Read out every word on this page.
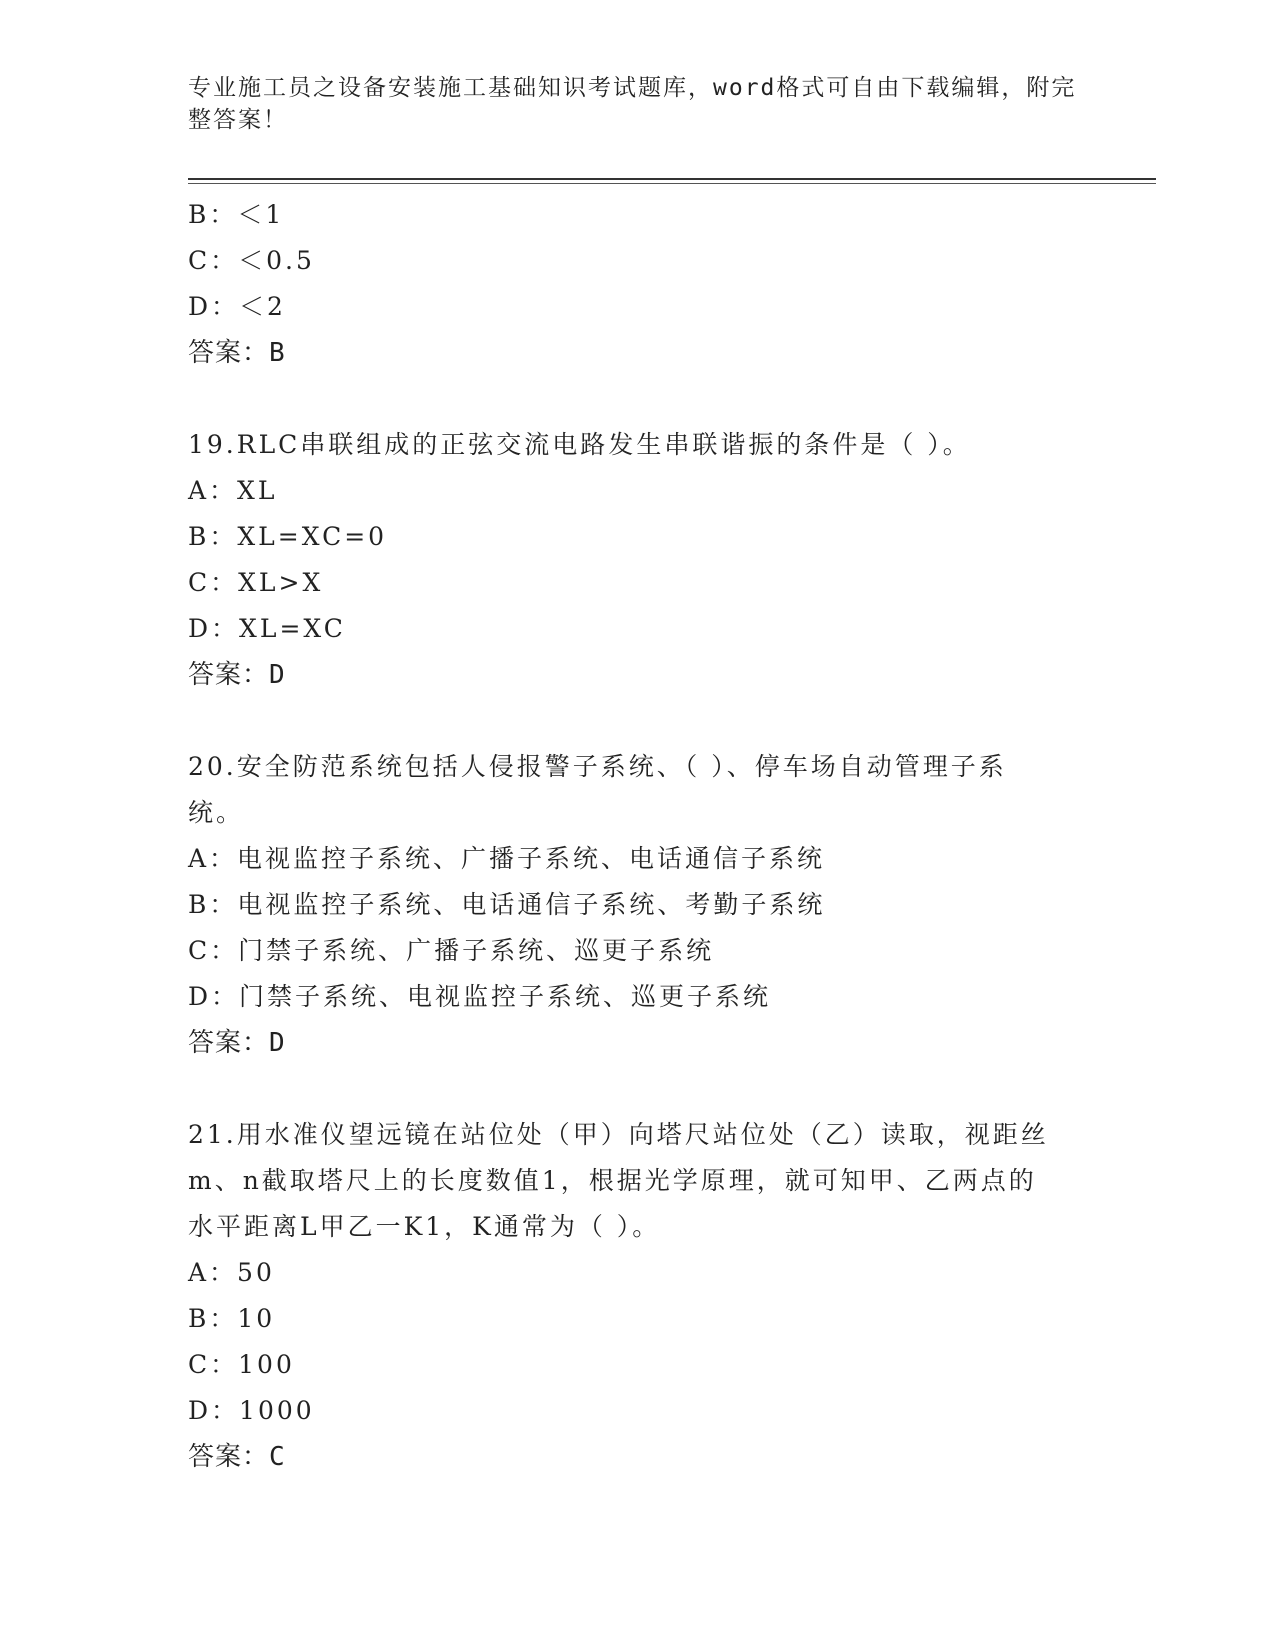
专业施工员之设备安装施工基础知识考试题库，word格式可自由下载编辑，附完
整答案！
B：＜1
C：＜0.5
D：＜2
答案：B
19.RLC串联组成的正弦交流电路发生串联谐振的条件是（ ）。
A：XL
B：XL=XC=0
C：XL>X
D：XL=XC
答案：D
20.安全防范系统包括人侵报警子系统、（ ）、停车场自动管理子系
统。
A：电视监控子系统、广播子系统、电话通信子系统
B：电视监控子系统、电话通信子系统、考勤子系统
C：门禁子系统、广播子系统、巡更子系统
D：门禁子系统、电视监控子系统、巡更子系统
答案：D
21.用水准仪望远镜在站位处（甲）向塔尺站位处（乙）读取，视距丝
m、n截取塔尺上的长度数值1，根据光学原理，就可知甲、乙两点的
水平距离L甲乙一K1，K通常为（ ）。
A：50
B：10
C：100
D：1000
答案：C
